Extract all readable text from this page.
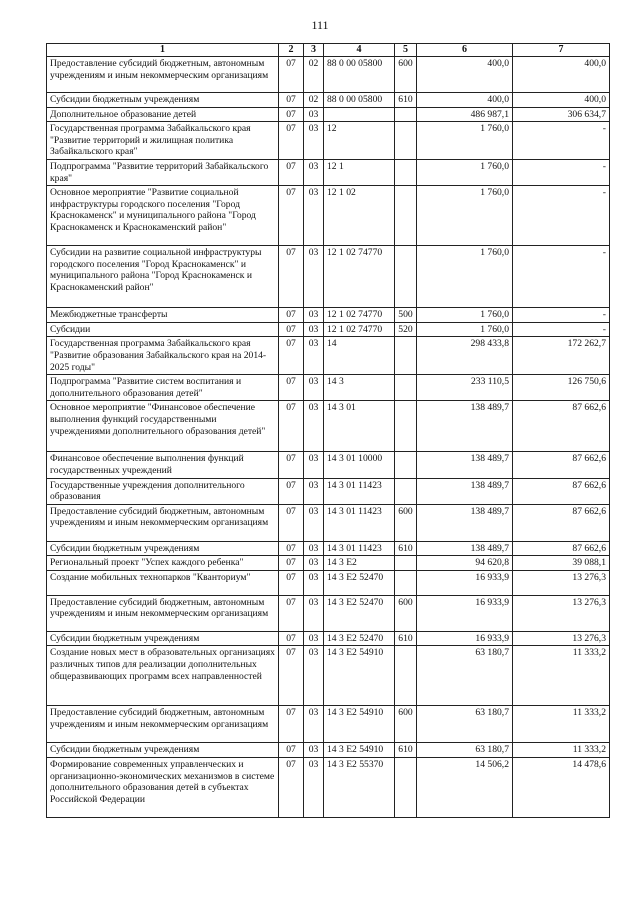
111
1	2	3	4	5	6	7
Предоставление субсидий бюджетным, автономным учреждениям и иным некоммерческим организациям	07	02	88 0 00 05800	600	400,0	400,0
Субсидии бюджетным учреждениям	07	02	88 0 00 05800	610	400,0	400,0
Дополнительное образование детей	07	03			486 987,1	306 634,7
Государственная программа Забайкальского края "Развитие территорий и жилищная политика Забайкальского края"	07	03	12		1 760,0	-
Подпрограмма "Развитие территорий Забайкальского края"	07	03	12 1		1 760,0	-
Основное мероприятие "Развитие социальной инфраструктуры городского поселения "Город Краснокаменск" и муниципального района "Город Краснокаменск и Краснокаменский район"	07	03	12 1 02		1 760,0	-
Субсидии на развитие социальной инфраструктуры городского поселения "Город Краснокаменск" и муниципального района "Город Краснокаменск и Краснокаменский район"	07	03	12 1 02 74770		1 760,0	-
Межбюджетные трансферты	07	03	12 1 02 74770	500	1 760,0	-
Субсидии	07	03	12 1 02 74770	520	1 760,0	-
Государственная программа Забайкальского края "Развитие образования Забайкальского края на 2014-2025 годы"	07	03	14		298 433,8	172 262,7
Подпрограмма "Развитие систем воспитания и дополнительного образования детей"	07	03	14 3		233 110,5	126 750,6
Основное мероприятие "Финансовое обеспечение выполнения функций государственными учреждениями дополнительного образования детей"	07	03	14 3 01		138 489,7	87 662,6
Финансовое обеспечение выполнения функций государственных учреждений	07	03	14 3 01 10000		138 489,7	87 662,6
Государственные учреждения дополнительного образования	07	03	14 3 01 11423		138 489,7	87 662,6
Предоставление субсидий бюджетным, автономным учреждениям и иным некоммерческим организациям	07	03	14 3 01 11423	600	138 489,7	87 662,6
Субсидии бюджетным учреждениям	07	03	14 3 01 11423	610	138 489,7	87 662,6
Региональный проект "Успех каждого ребенка"	07	03	14 3 E2		94 620,8	39 088,1
Создание мобильных технопарков "Кванториум"	07	03	14 3 E2 52470		16 933,9	13 276,3
Предоставление субсидий бюджетным, автономным учреждениям и иным некоммерческим организациям	07	03	14 3 E2 52470	600	16 933,9	13 276,3
Субсидии бюджетным учреждениям	07	03	14 3 E2 52470	610	16 933,9	13 276,3
Создание новых мест в образовательных организациях различных типов для реализации дополнительных общеразвивающих программ всех направленностей	07	03	14 3 E2 54910		63 180,7	11 333,2
Предоставление субсидий бюджетным, автономным учреждениям и иным некоммерческим организациям	07	03	14 3 E2 54910	600	63 180,7	11 333,2
Субсидии бюджетным учреждениям	07	03	14 3 E2 54910	610	63 180,7	11 333,2
Формирование современных управленческих и организационно-экономических механизмов в системе дополнительного образования детей в субъектах Российской Федерации	07	03	14 3 E2 55370		14 506,2	14 478,6
